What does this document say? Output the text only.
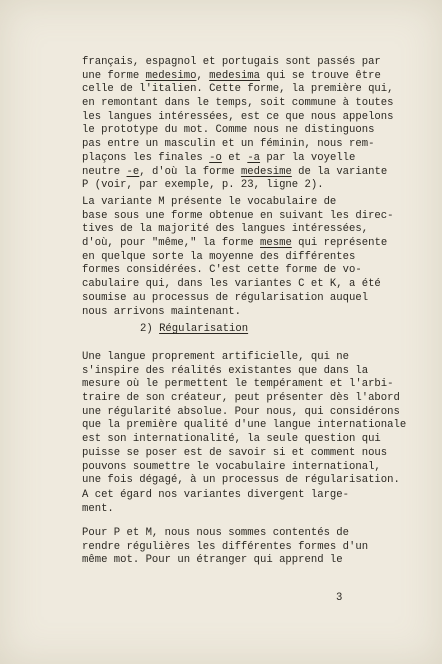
français, espagnol et portugais sont passés par
une forme medesimo, medesima qui se trouve être
celle de l'italien. Cette forme, la première qui,
en remontant dans le temps, soit commune à toutes
les langues intéressées, est ce que nous appelons
le prototype du mot. Comme nous ne distinguons
pas entre un masculin et un féminin, nous rem-
plaçons les finales -o et -a par la voyelle
neutre -e, d'où la forme medesime de la variante
P (voir, par exemple, p. 23, ligne 2).

La variante M présente le vocabulaire de
base sous une forme obtenue en suivant les direc-
tives de la majorité des langues intéressées,
d'où, pour "même," la forme mesme qui représente
en quelque sorte la moyenne des différentes
formes considérées. C'est cette forme de vo-
cabulaire qui, dans les variantes C et K, a été
soumise au processus de régularisation auquel
nous arrivons maintenant.

2) Régularisation

Une langue proprement artificielle, qui ne
s'inspire des réalités existantes que dans la
mesure où le permettent le tempérament et l'arbi-
traire de son créateur, peut présenter dès l'abord
une régularité absolue. Pour nous, qui considérons
que la première qualité d'une langue internationale
est son internationalité, la seule question qui
puisse se poser est de savoir si et comment nous
pouvons soumettre le vocabulaire international,
une fois dégagé, à un processus de régularisation.

A cet égard nos variantes divergent large-
ment.

Pour P et M, nous nous sommes contentés de
rendre régulières les différentes formes d'un
même mot. Pour un étranger qui apprend le

3
